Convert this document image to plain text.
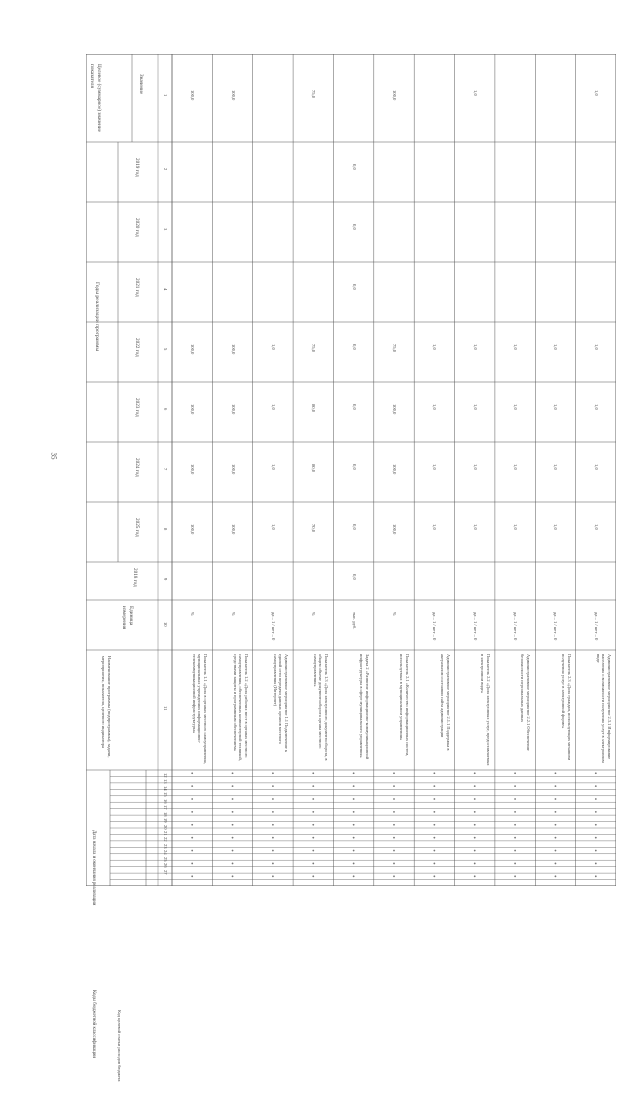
35
Целевое (суммарное) значение показателя	Значение
Годы реализации программы
2019 год
2020 год
2021 год
2022 год
2023 год
2024 год
2025 год
2018 год
Единица измерения
Наименование программы (подпрограммы), задачи, мероприятия, показателя, целевого индикатора
Дата начала и окончания реализации
Коды бюджетной классификации	Код целевой статьи расходов бюджета
1
2
3
4
5
6
7
8
9
10
11
12
13
14
15
16
17
18
19
20
21
22
23
24
25
26
27
Показатель 1.1 «Доля в органах местного самоуправления, муниципальных учреждениях информационно-телекоммуникационной инфраструктуры»
%
100,0
100,0
100,0
100,0
100,0
Показатель 1.2 «Доля рабочих мест в органах местного самоуправления, обеспеченных компьютерной техникой, средствами защиты и программным обеспечением»
%
100,0
100,0
100,0
100,0
100,0
Административное мероприятие 1.1 Подключение к единой сети передачи данных органов местного самоуправления (Интернет)
да – 1 / нет – 0
1,0
1,0
1,0
1,0
Показатель 1.3 «Доля электронного документооборота, в общем объеме документооборота органа местного самоуправления»
%
75,0
80,0
80,0
70,0
75,0
Задача 2 «Развитие информационно-коммуникационной инфраструктуры в сфере муниципального управления»
тыс. руб.
0,0
0,0
0,0
0,0
0,0
0,0
0,0
0,0
Показатель 2.1 «Количество информационных систем, используемых в муниципальном управлении»
%
75,0
100,0
100,0
100,0
100,0
Административное мероприятие 2.1.1 Поддержка в актуальном состоянии сайта администрации
да – 1 / нет – 0
1,0
1,0
1,0
1,0
Показатель 2.2 «Доля электронных услуг, предоставляемых в электронном виде»
да – 1 / нет – 0
1,0
1,0
1,0
1,0
1,0
Административное мероприятие 2.2.1 Обеспечение безопасности персональных данных
да – 1 / нет – 0
1,0
1,0
1,0
1,0
Показатель 2.3 «Доля граждан, использующих механизм получения услуг в электронной форме»
да – 1 / нет – 0
1,0
1,0
1,0
1,0
Административное мероприятие 2.3.1 Информирование населения о возможности получения услуг в электронном виде
да – 1 / нет – 0
1,0
1,0
1,0
1,0
1,0
